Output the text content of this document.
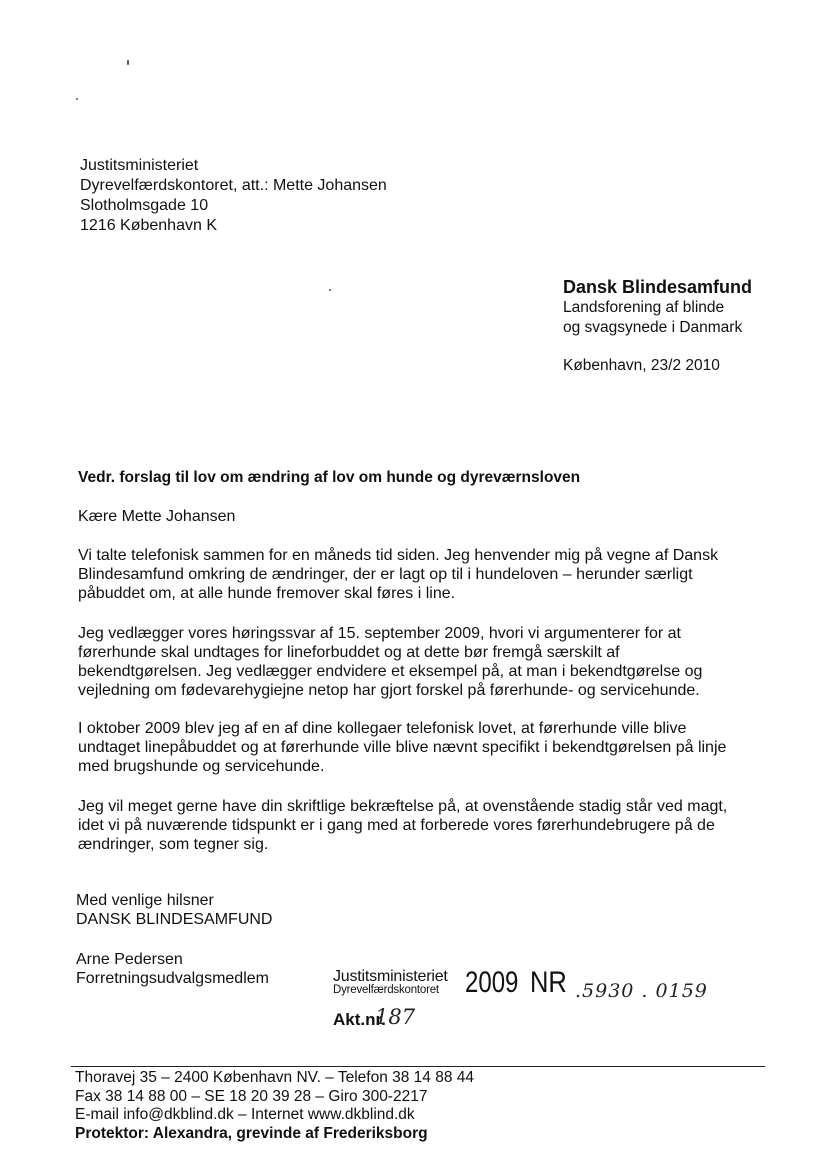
Justitsministeriet
Dyrevelfærdskontoret, att.: Mette Johansen
Slotholmsgade 10
1216 København K
Dansk Blindesamfund
Landsforening af blinde
og svagsynede i Danmark
København, 23/2 2010
Vedr. forslag til lov om ændring af lov om hunde og dyreværnsloven
Kære Mette Johansen
Vi talte telefonisk sammen for en måneds tid siden. Jeg henvender mig på vegne af Dansk
Blindesamfund omkring de ændringer, der er lagt op til i hundeloven – herunder særligt
påbuddet om, at alle hunde fremover skal føres i line.
Jeg vedlægger vores høringssvar af 15. september 2009, hvori vi argumenterer for at
førerhunde skal undtages for lineforbuddet og at dette bør fremgå særskilt af
bekendtgørelsen. Jeg vedlægger endvidere et eksempel på, at man i bekendtgørelse og
vejledning om fødevarehygiejne netop har gjort forskel på førerhunde- og servicehunde.
I oktober 2009 blev jeg af en af dine kollegaer telefonisk lovet, at førerhunde ville blive
undtaget linepåbuddet og at førerhunde ville blive nævnt specifikt i bekendtgørelsen på linje
med brugshunde og servicehunde.
Jeg vil meget gerne have din skriftlige bekræftelse på, at ovenstående stadig står ved magt,
idet vi på nuværende tidspunkt er i gang med at forberede vores førerhundebrugere på de
ændringer, som tegner sig.
Med venlige hilsner
DANSK BLINDESAMFUND
Arne Pedersen
Forretningsudvalgsmedlem	Justitsministeriet
Dyrevelfærdskontoret 2009 NR .5930 . 0159
Akt.nr.
187
Thoravej 35 – 2400 København NV. – Telefon 38 14 88 44
Fax 38 14 88 00 – SE 18 20 39 28 – Giro 300-2217
E-mail info@dkblind.dk – Internet www.dkblind.dk
Protektor: Alexandra, grevinde af Frederiksborg
